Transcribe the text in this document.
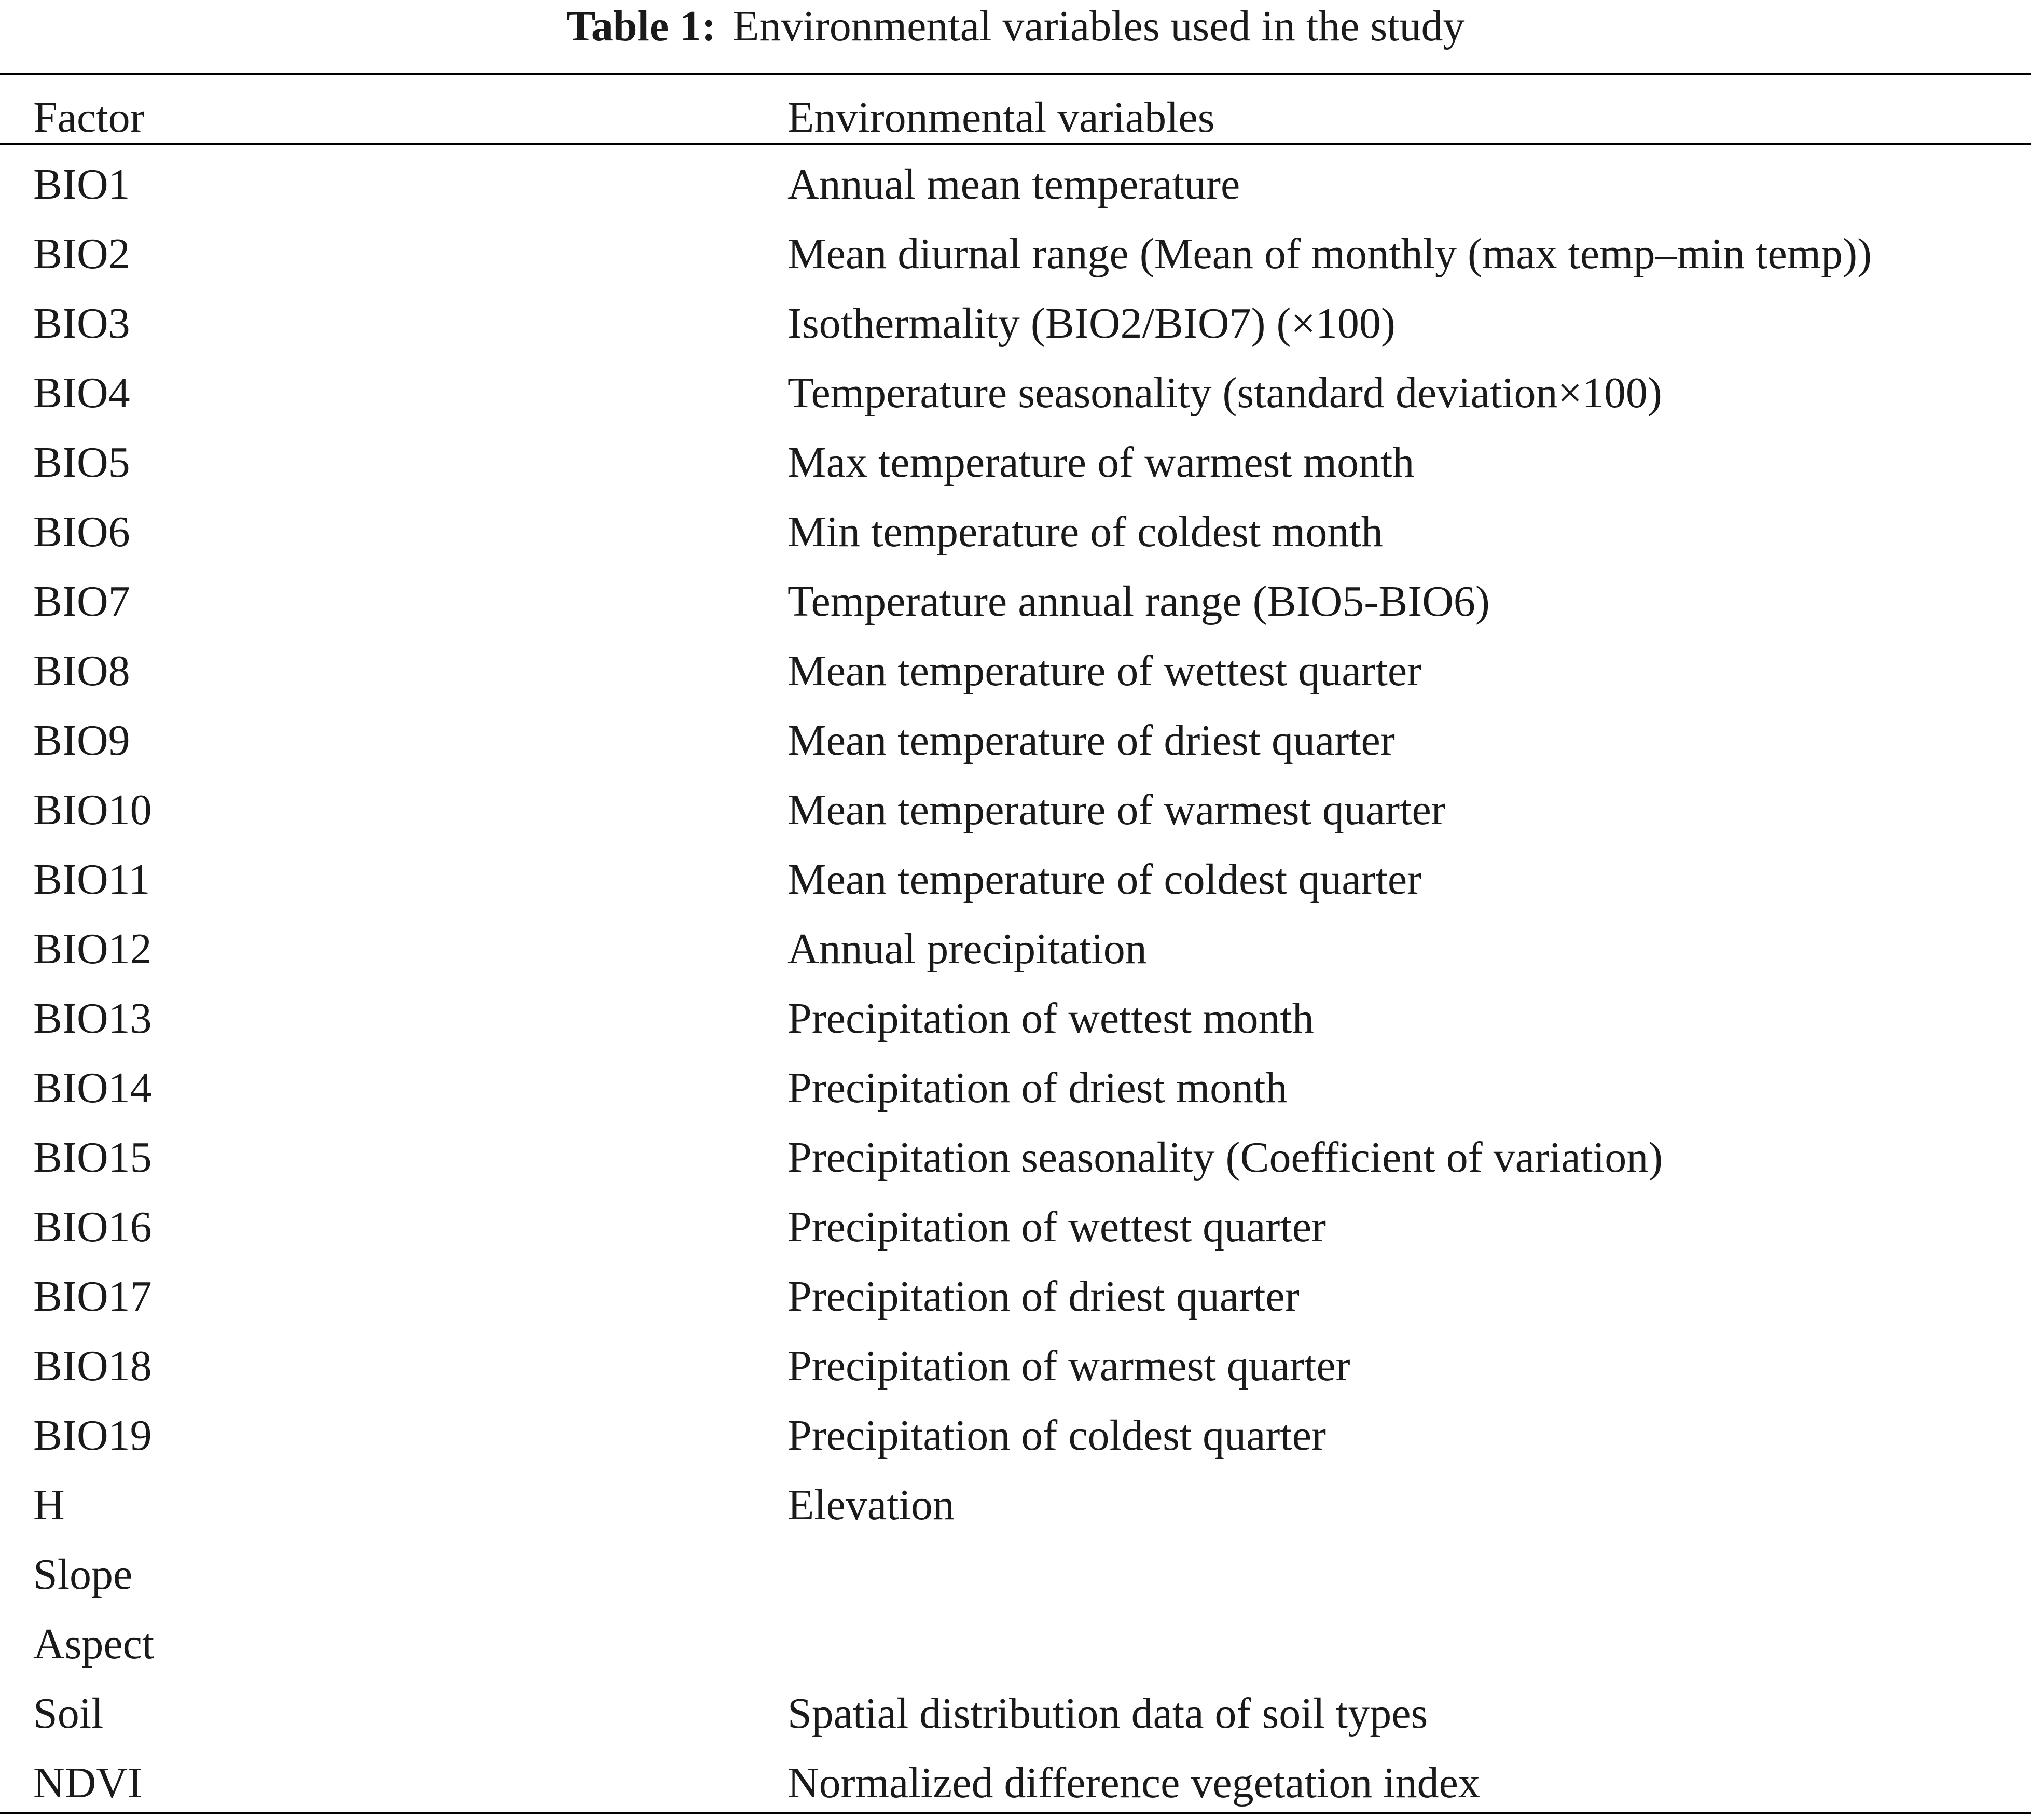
Table 1: Environmental variables used in the study
Factor	Environmental variables
BIO1	Annual mean temperature
BIO2	Mean diurnal range (Mean of monthly (max temp–min temp))
BIO3	Isothermality (BIO2/BIO7) (×100)
BIO4	Temperature seasonality (standard deviation×100)
BIO5	Max temperature of warmest month
BIO6	Min temperature of coldest month
BIO7	Temperature annual range (BIO5-BIO6)
BIO8	Mean temperature of wettest quarter
BIO9	Mean temperature of driest quarter
BIO10	Mean temperature of warmest quarter
BIO11	Mean temperature of coldest quarter
BIO12	Annual precipitation
BIO13	Precipitation of wettest month
BIO14	Precipitation of driest month
BIO15	Precipitation seasonality (Coefficient of variation)
BIO16	Precipitation of wettest quarter
BIO17	Precipitation of driest quarter
BIO18	Precipitation of warmest quarter
BIO19	Precipitation of coldest quarter
H	Elevation
Slope
Aspect
Soil	Spatial distribution data of soil types
NDVI	Normalized difference vegetation index
